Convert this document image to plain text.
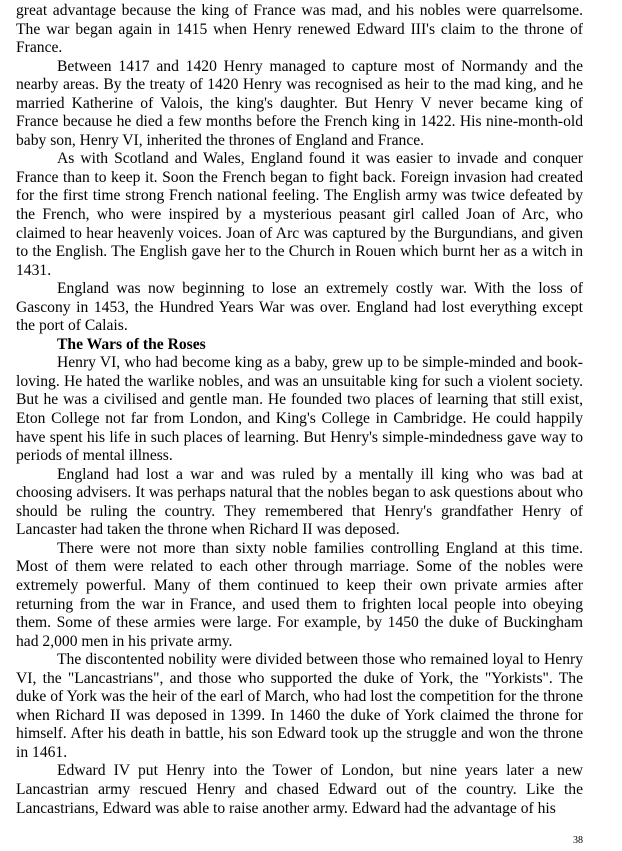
great advantage because the king of France was mad, and his nobles were quarrelsome. The war began again in 1415 when Henry renewed Edward III's claim to the throne of France.

Between 1417 and 1420 Henry managed to capture most of Normandy and the nearby areas. By the treaty of 1420 Henry was recognised as heir to the mad king, and he married Katherine of Valois, the king's daughter. But Henry V never became king of France because he died a few months before the French king in 1422. His nine-month-old baby son, Henry VI, inherited the thrones of England and France.

As with Scotland and Wales, England found it was easier to invade and conquer France than to keep it. Soon the French began to fight back. Foreign invasion had created for the first time strong French national feeling. The English army was twice defeated by the French, who were inspired by a mysterious peasant girl called Joan of Arc, who claimed to hear heavenly voices. Joan of Arc was captured by the Burgundians, and given to the English. The English gave her to the Church in Rouen which burnt her as a witch in 1431.

England was now beginning to lose an extremely costly war. With the loss of Gascony in 1453, the Hundred Years War was over. England had lost everything except the port of Calais.

The Wars of the Roses

Henry VI, who had become king as a baby, grew up to be simple-minded and book-loving. He hated the warlike nobles, and was an unsuitable king for such a violent society. But he was a civilised and gentle man. He founded two places of learning that still exist, Eton College not far from London, and King's College in Cambridge. He could happily have spent his life in such places of learning. But Henry's simple-mindedness gave way to periods of mental illness.

England had lost a war and was ruled by a mentally ill king who was bad at choosing advisers. It was perhaps natural that the nobles began to ask questions about who should be ruling the country. They remembered that Henry's grandfather Henry of Lancaster had taken the throne when Richard II was deposed.

There were not more than sixty noble families controlling England at this time. Most of them were related to each other through marriage. Some of the nobles were extremely powerful. Many of them continued to keep their own private armies after returning from the war in France, and used them to frighten local people into obeying them. Some of these armies were large. For example, by 1450 the duke of Buckingham had 2,000 men in his private army.

The discontented nobility were divided between those who remained loyal to Henry VI, the "Lancastrians", and those who supported the duke of York, the "Yorkists". The duke of York was the heir of the earl of March, who had lost the competition for the throne when Richard II was deposed in 1399. In 1460 the duke of York claimed the throne for himself. After his death in battle, his son Edward took up the struggle and won the throne in 1461.

Edward IV put Henry into the Tower of London, but nine years later a new Lancastrian army rescued Henry and chased Edward out of the country. Like the Lancastrians, Edward was able to raise another army. Edward had the advantage of his

38
